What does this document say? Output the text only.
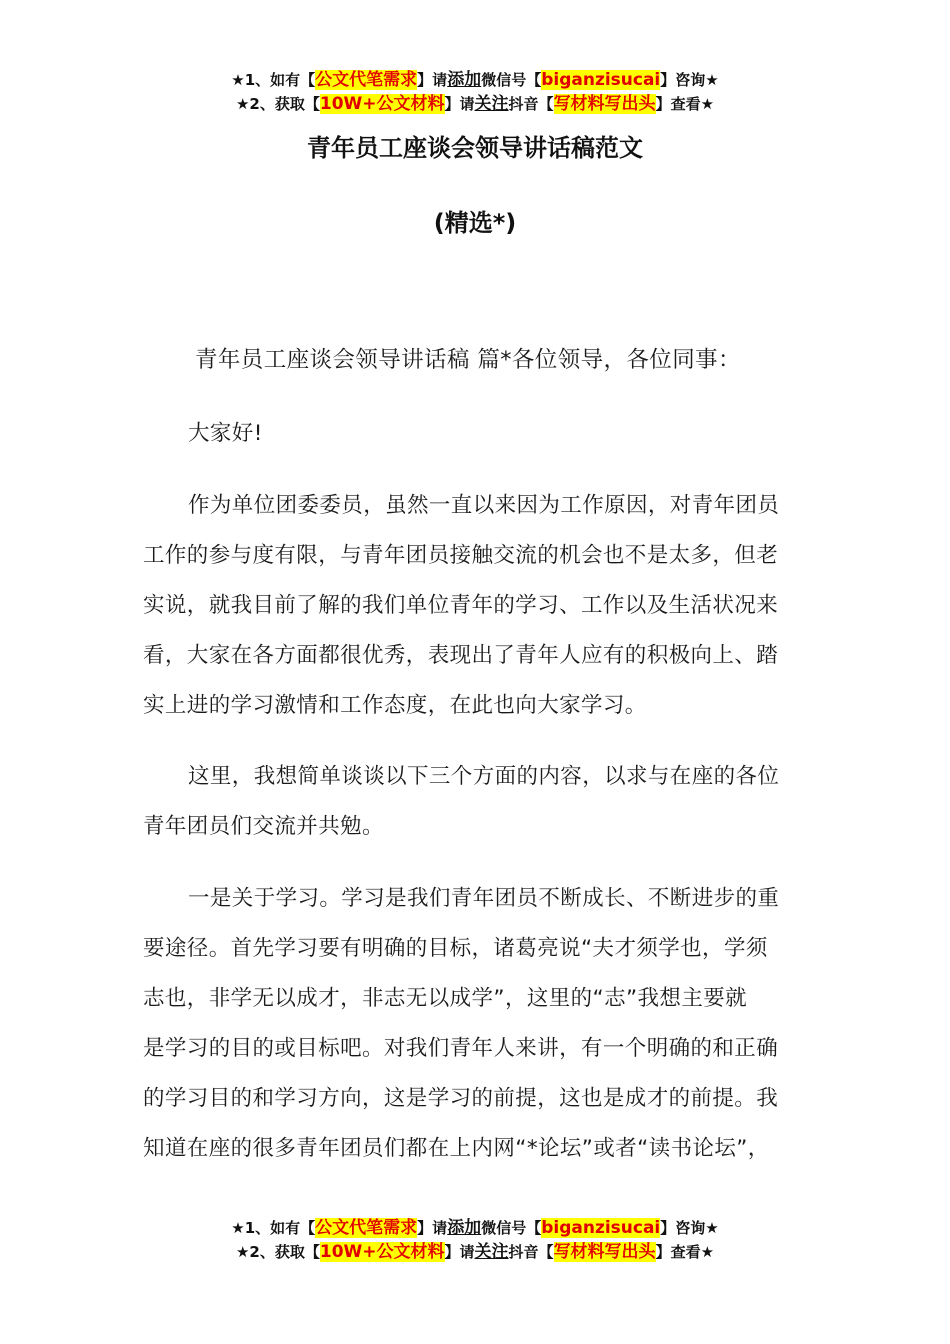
★1、如有【公文代笔需求】请添加微信号【biganzisucai】咨询★
★2、获取【10W+公文材料】请关注抖音【写材料写出头】查看★
青年员工座谈会领导讲话稿范文
(精选*)
青年员工座谈会领导讲话稿 篇*各位领导，各位同事：
大家好!
作为单位团委委员，虽然一直以来因为工作原因，对青年团员
工作的参与度有限，与青年团员接触交流的机会也不是太多，但老
实说，就我目前了解的我们单位青年的学习、工作以及生活状况来
看，大家在各方面都很优秀，表现出了青年人应有的积极向上、踏
实上进的学习激情和工作态度，在此也向大家学习。
这里，我想简单谈谈以下三个方面的内容，以求与在座的各位
青年团员们交流并共勉。
一是关于学习。学习是我们青年团员不断成长、不断进步的重
要途径。首先学习要有明确的目标，诸葛亮说“夫才须学也，学须
志也，非学无以成才，非志无以成学”，这里的“志”我想主要就
是学习的目的或目标吧。对我们青年人来讲，有一个明确的和正确
的学习目的和学习方向，这是学习的前提，这也是成才的前提。我
知道在座的很多青年团员们都在上内网“*论坛”或者“读书论坛”，
★1、如有【公文代笔需求】请添加微信号【biganzisucai】咨询★
★2、获取【10W+公文材料】请关注抖音【写材料写出头】查看★
